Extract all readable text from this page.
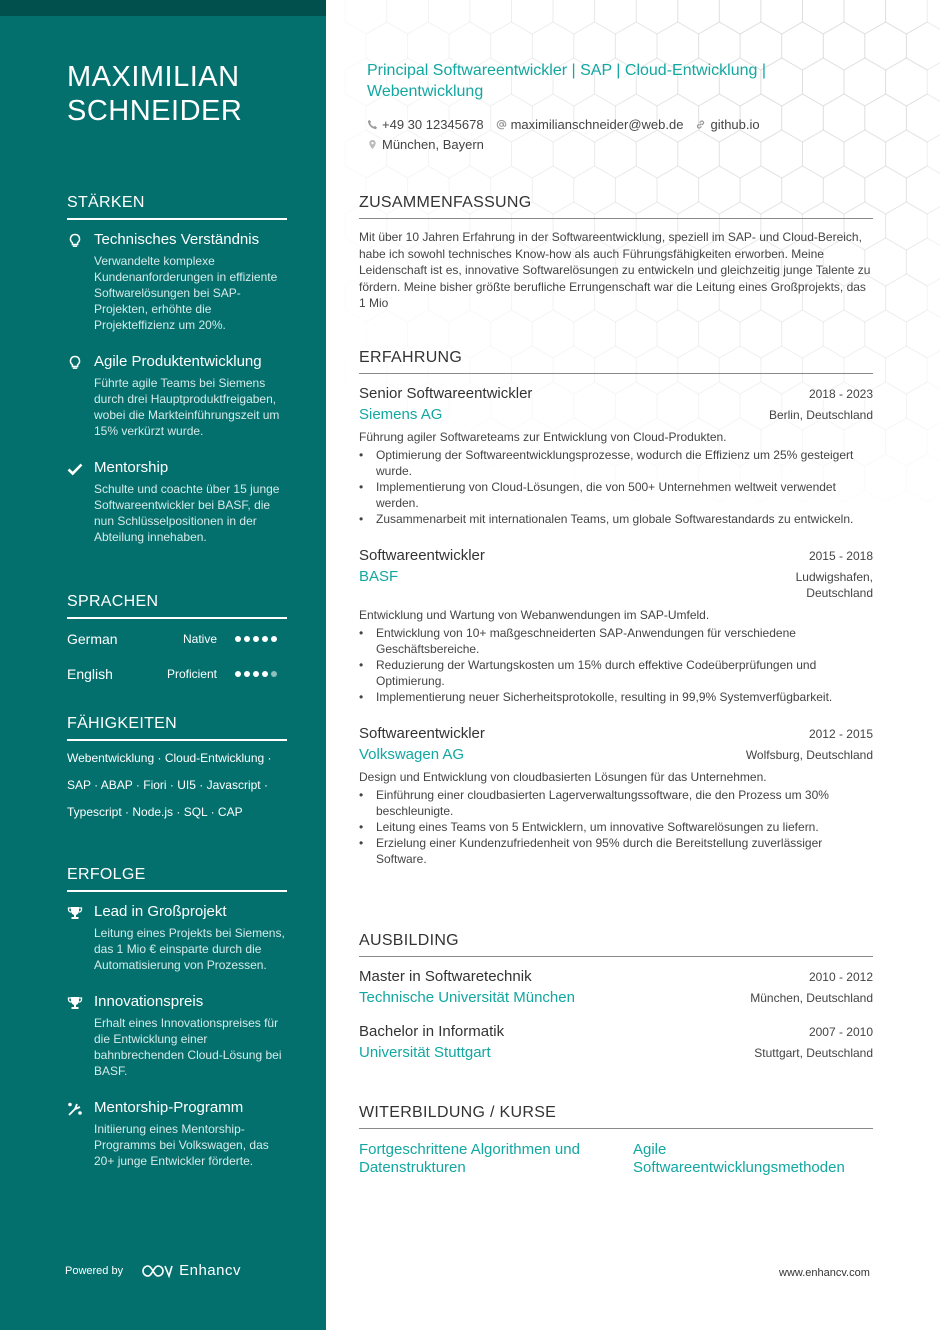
MAXIMILIAN
SCHNEIDER
STÄRKEN
Technisches Verständnis
Verwandelte komplexe Kundenanforderungen in effiziente Softwarelösungen bei SAP-Projekten, erhöhte die Projekteffizienz um 20%.
Agile Produktentwicklung
Führte agile Teams bei Siemens durch drei Hauptproduktfreigaben, wobei die Markteinführungszeit um 15% verkürzt wurde.
Mentorship
Schulte und coachte über 15 junge Softwareentwickler bei BASF, die nun Schlüsselpositionen in der Abteilung innehaben.
SPRACHEN
German	Native
English	Proficient
FÄHIGKEITEN
Webentwicklung · Cloud-Entwicklung ·
SAP · ABAP · Fiori · UI5 · Javascript ·
Typescript · Node.js · SQL · CAP
ERFOLGE
Lead in Großprojekt
Leitung eines Projekts bei Siemens, das 1 Mio € einsparte durch die Automatisierung von Prozessen.
Innovationspreis
Erhalt eines Innovationspreises für die Entwicklung einer bahnbrechenden Cloud-Lösung bei BASF.
Mentorship-Programm
Initiierung eines Mentorship-Programms bei Volkswagen, das 20+ junge Entwickler förderte.
Powered by	Enhancv
Principal Softwareentwickler | SAP | Cloud-Entwicklung | Webentwicklung
+49 30 12345678 maximilianschneider@web.de github.io
München, Bayern
ZUSAMMENFASSUNG
Mit über 10 Jahren Erfahrung in der Softwareentwicklung, speziell im SAP- und Cloud-Bereich, habe ich sowohl technisches Know-how als auch Führungsfähigkeiten erworben. Meine Leidenschaft ist es, innovative Softwarelösungen zu entwickeln und gleichzeitig junge Talente zu fördern. Meine bisher größte berufliche Errungenschaft war die Leitung eines Großprojekts, das 1 Mio
ERFAHRUNG
Senior Softwareentwickler	2018 - 2023
Siemens AG	Berlin, Deutschland
Führung agiler Softwareteams zur Entwicklung von Cloud-Produkten.
• Optimierung der Softwareentwicklungsprozesse, wodurch die Effizienz um 25% gesteigert wurde.
• Implementierung von Cloud-Lösungen, die von 500+ Unternehmen weltweit verwendet werden.
• Zusammenarbeit mit internationalen Teams, um globale Softwarestandards zu entwickeln.
Softwareentwickler	2015 - 2018
BASF	Ludwigshafen,
Deutschland
Entwicklung und Wartung von Webanwendungen im SAP-Umfeld.
• Entwicklung von 10+ maßgeschneiderten SAP-Anwendungen für verschiedene Geschäftsbereiche.
• Reduzierung der Wartungskosten um 15% durch effektive Codeüberprüfungen und Optimierung.
• Implementierung neuer Sicherheitsprotokolle, resulting in 99,9% Systemverfügbarkeit.
Softwareentwickler	2012 - 2015
Volkswagen AG	Wolfsburg, Deutschland
Design und Entwicklung von cloudbasierten Lösungen für das Unternehmen.
• Einführung einer cloudbasierten Lagerverwaltungssoftware, die den Prozess um 30% beschleunigte.
• Leitung eines Teams von 5 Entwicklern, um innovative Softwarelösungen zu liefern.
• Erzielung einer Kundenzufriedenheit von 95% durch die Bereitstellung zuverlässiger Software.
AUSBILDING
Master in Softwaretechnik	2010 - 2012
Technische Universität München	München, Deutschland
Bachelor in Informatik	2007 - 2010
Universität Stuttgart	Stuttgart, Deutschland
WITERBILDUNG / KURSE
Fortgeschrittene Algorithmen und Datenstrukturen
Agile Softwareentwicklungsmethoden
www.enhancv.com
